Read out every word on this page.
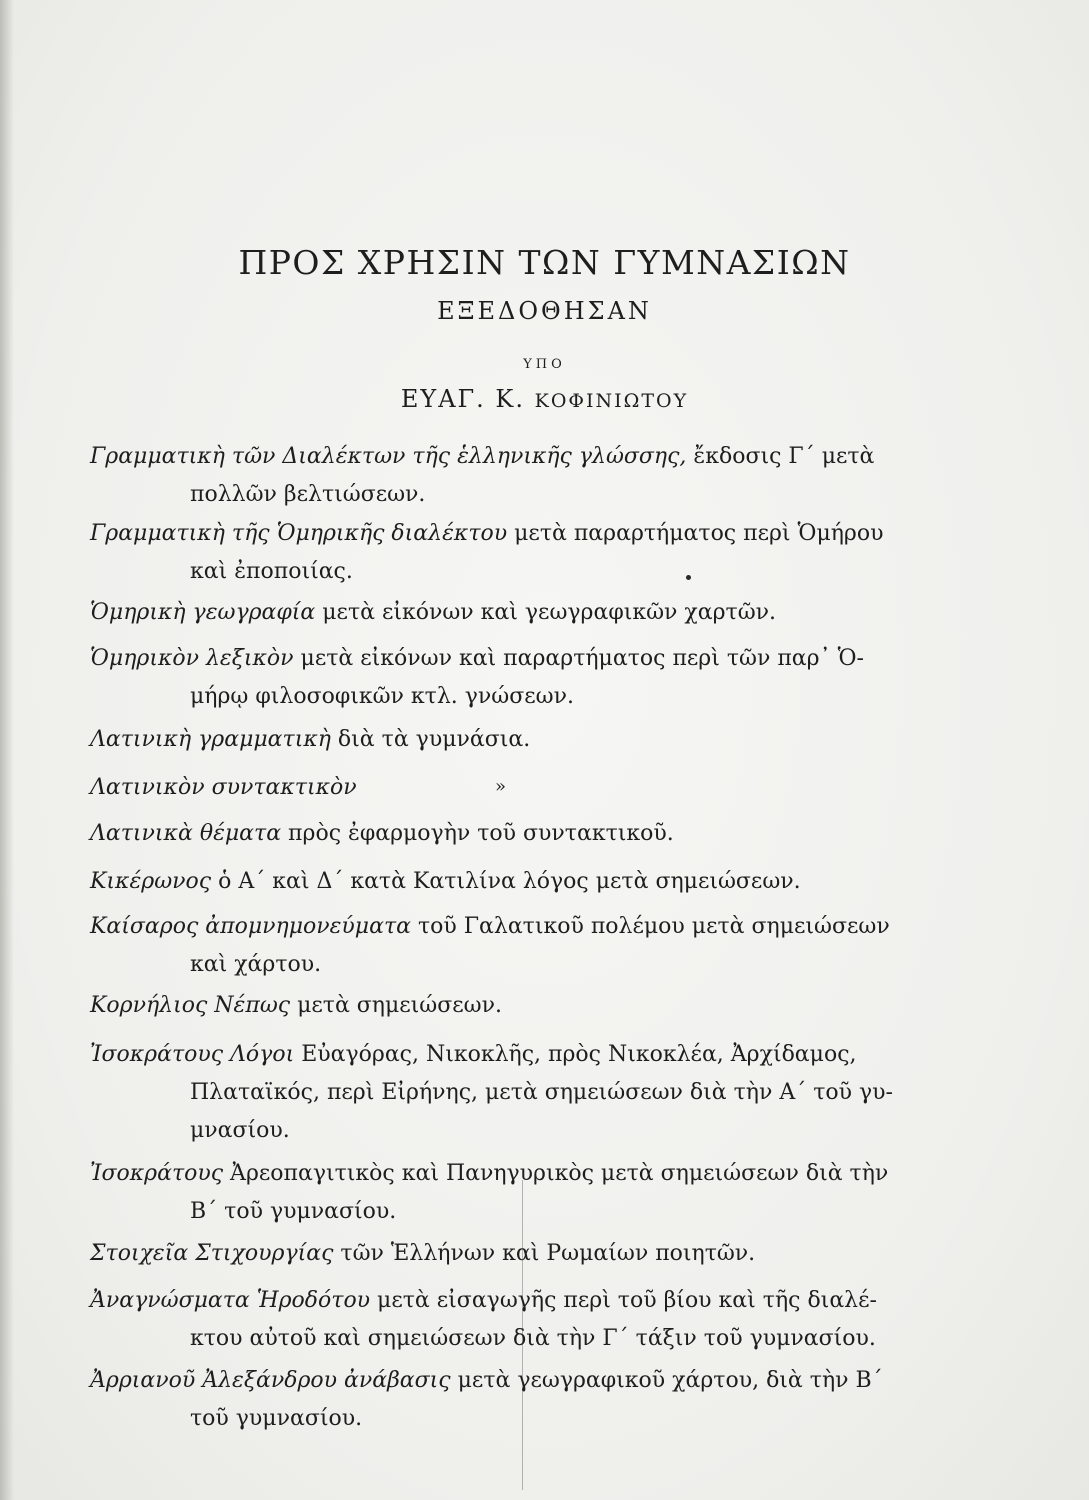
ΠΡΟΣ ΧΡΗΣΙΝ ΤΩΝ ΓΥΜΝΑΣΙΩΝ
ΕΞΕΔΟΘΗΣΑΝ
ΥΠΟ
ΕΥΑΓ. Κ. ΚΟΦΙΝΙΩΤΟΥ
Γραμματικὴ τῶν Διαλέκτων τῆς ἑλληνικῆς γλώσσης, ἔκδοσις Γ΄ μετὰ
πολλῶν βελτιώσεων.
Γραμματικὴ τῆς Ὁμηρικῆς διαλέκτου μετὰ παραρτήματος περὶ Ὁμήρου
καὶ ἐποποιίας.
Ὁμηρικὴ γεωγραφία μετὰ εἰκόνων καὶ γεωγραφικῶν χαρτῶν.
Ὁμηρικὸν λεξικὸν μετὰ εἰκόνων καὶ παραρτήματος περὶ τῶν παρ᾽ Ὁ-
μήρῳ φιλοσοφικῶν κτλ. γνώσεων.
Λατινικὴ γραμματικὴ διὰ τὰ γυμνάσια.
Λατινικὸν συντακτικὸν	»
Λατινικὰ θέματα πρὸς ἐφαρμογὴν τοῦ συντακτικοῦ.
Κικέρωνος ὁ Α΄ καὶ Δ΄ κατὰ Κατιλίνα λόγος μετὰ σημειώσεων.
Καίσαρος ἀπομνημονεύματα τοῦ Γαλατικοῦ πολέμου μετὰ σημειώσεων
καὶ χάρτου.
Κορνήλιος Νέπως μετὰ σημειώσεων.
Ἰσοκράτους Λόγοι Εὐαγόρας, Νικοκλῆς, πρὸς Νικοκλέα, Ἀρχίδαμος,
Πλαταϊκός, περὶ Εἰρήνης, μετὰ σημειώσεων διὰ τὴν Α΄ τοῦ γυ-
μνασίου.
Ἰσοκράτους Ἀρεοπαγιτικὸς καὶ Πανηγυρικὸς μετὰ σημειώσεων διὰ τὴν
Β΄ τοῦ γυμνασίου.
Στοιχεῖα Στιχουργίας τῶν Ἑλλήνων καὶ Ρωμαίων ποιητῶν.
Ἀναγνώσματα Ἡροδότου μετὰ εἰσαγωγῆς περὶ τοῦ βίου καὶ τῆς διαλέ-
κτου αὐτοῦ καὶ σημειώσεων διὰ τὴν Γ΄ τάξιν τοῦ γυμνασίου.
Ἀρριανοῦ Ἀλεξάνδρου ἀνάβασις μετὰ γεωγραφικοῦ χάρτου, διὰ τὴν Β΄
τοῦ γυμνασίου.
